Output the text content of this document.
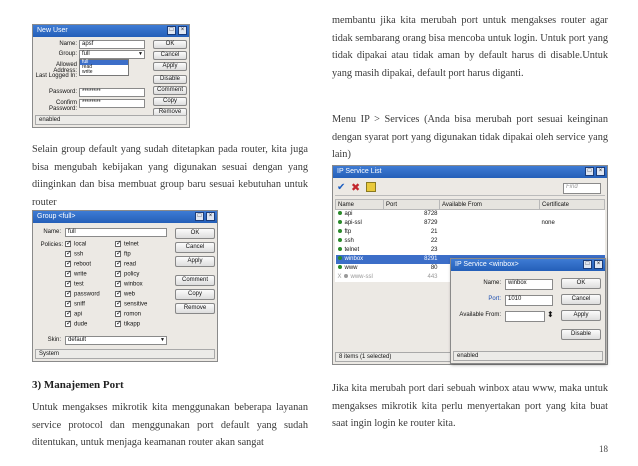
New User	□	×
Name: apsf
Group: full	▼
full
read
write
Allowed Address:
Last Logged In:
Password: ********
Confirm Password:
********
OK
Cancel
Apply
Disable
Comment
Copy
Remove
enabled
Selain group default yang sudah ditetapkan pada router, kita juga bisa mengubah kebijakan yang digunakan sesuai dengan yang diinginkan dan bisa membuat group baru sesuai kebutuhan untuk router
Group <full>	□	×
Name:	full
Policies: ✓	local
✓ssh
✓reboot
✓write
✓test
✓password
✓sniff
✓api
✓dude
✓telnet
✓ftp
✓read
✓policy
✓winbox
✓web
✓sensitive
✓romon
✓tikapp
Skin:	default	▼
OK
Cancel
Apply
Comment
Copy
Remove
System
3) Manajemen Port
Untuk mengakses mikrotik kita menggunakan beberapa layanan service protocol dan menggunakan port default yang sudah ditentukan, untuk menjaga keamanan router akan sangat
membantu jika kita merubah port untuk mengakses router agar tidak sembarang orang bisa mencoba untuk login. Untuk port yang tidak dipakai atau tidak aman by default harus di disable.Untuk yang masih dipakai, default port harus diganti.
Menu IP > Services (Anda bisa merubah port sesuai keinginan dengan syarat port yang digunakan tidak dipakai oleh service yang lain)
IP Service List	□	×
✔ ✖	Find
Name	Port	Available From	Certificate
api	8728		
api-ssl	8729		none
ftp	21		
ssh	22		
telnet	23		
winbox	8291		
www	80		
X www-ssl	443		
8 items (1 selected)
IP Service <winbox>	□	×
Name:	winbox
Port:	1010
Available From:	⬍
OK
Cancel
Apply
Disable
enabled
Jika kita merubah port dari sebuah winbox atau www, maka untuk mengakses mikrotik kita perlu menyertakan port yang kita buat saat ingin login ke router kita.
18
